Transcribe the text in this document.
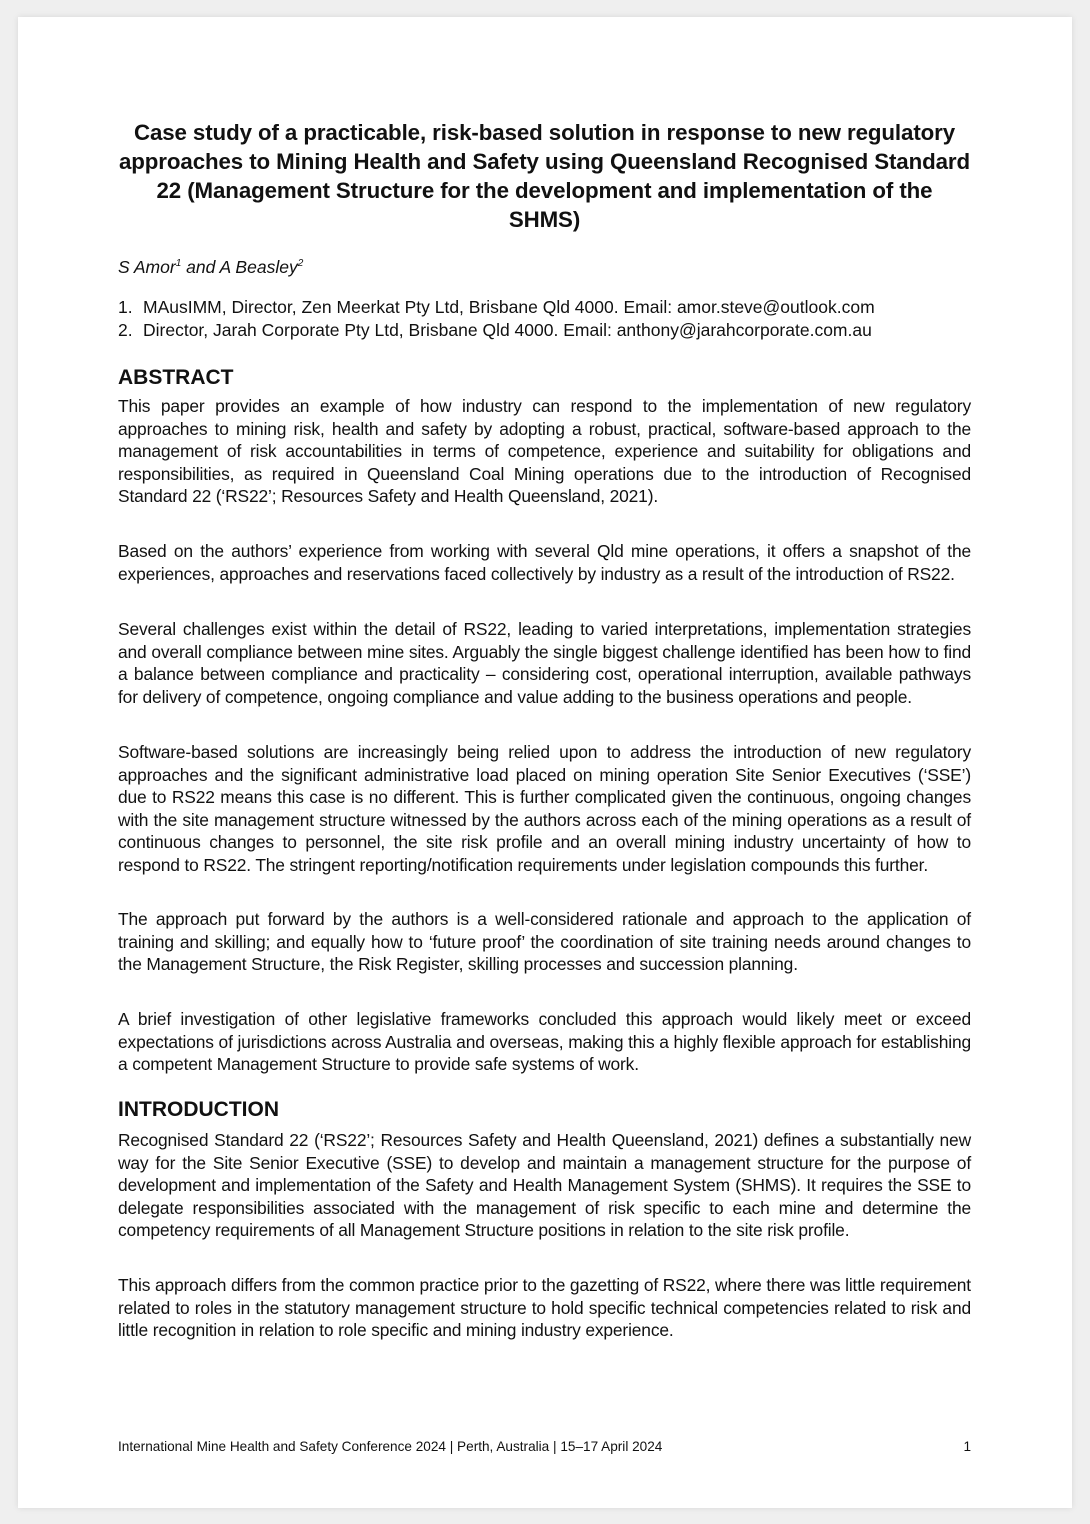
Case study of a practicable, risk-based solution in response to new regulatory approaches to Mining Health and Safety using Queensland Recognised Standard 22 (Management Structure for the development and implementation of the SHMS)

S Amor$^1$ and A Beasley$^2$

1. MAusIMM, Director, Zen Meerkat Pty Ltd, Brisbane Qld 4000. Email: amor.steve@outlook.com
2. Director, Jarah Corporate Pty Ltd, Brisbane Qld 4000. Email: anthony@jarahcorporate.com.au
ABSTRACT

This paper provides an example of how industry can respond to the implementation of new regulatory approaches to mining risk, health and safety by adopting a robust, practical, software-based approach to the management of risk accountabilities in terms of competence, experience and suitability for obligations and responsibilities, as required in Queensland Coal Mining operations due to the introduction of Recognised Standard 22 (‘RS22’; Resources Safety and Health Queensland, 2021).

Based on the authors’ experience from working with several Qld mine operations, it offers a snapshot of the experiences, approaches and reservations faced collectively by industry as a result of the introduction of RS22.

Several challenges exist within the detail of RS22, leading to varied interpretations, implementation strategies and overall compliance between mine sites. Arguably the single biggest challenge identified has been how to find a balance between compliance and practicality – considering cost, operational interruption, available pathways for delivery of competence, ongoing compliance and value adding to the business operations and people.

Software-based solutions are increasingly being relied upon to address the introduction of new regulatory approaches and the significant administrative load placed on mining operation Site Senior Executives (‘SSE’) due to RS22 means this case is no different. This is further complicated given the continuous, ongoing changes with the site management structure witnessed by the authors across each of the mining operations as a result of continuous changes to personnel, the site risk profile and an overall mining industry uncertainty of how to respond to RS22. The stringent reporting/notification requirements under legislation compounds this further.

The approach put forward by the authors is a well-considered rationale and approach to the application of training and skilling; and equally how to ‘future proof’ the coordination of site training needs around changes to the Management Structure, the Risk Register, skilling processes and succession planning.

A brief investigation of other legislative frameworks concluded this approach would likely meet or exceed expectations of jurisdictions across Australia and overseas, making this a highly flexible approach for establishing a competent Management Structure to provide safe systems of work.

INTRODUCTION

Recognised Standard 22 (‘RS22’; Resources Safety and Health Queensland, 2021) defines a substantially new way for the Site Senior Executive (SSE) to develop and maintain a management structure for the purpose of development and implementation of the Safety and Health Management System (SHMS). It requires the SSE to delegate responsibilities associated with the management of risk specific to each mine and determine the competency requirements of all Management Structure positions in relation to the site risk profile.

This approach differs from the common practice prior to the gazetting of RS22, where there was little requirement related to roles in the statutory management structure to hold specific technical competencies related to risk and little recognition in relation to role specific and mining industry experience.

International Mine Health and Safety Conference 2024 | Perth, Australia | 15–17 April 2024	1
